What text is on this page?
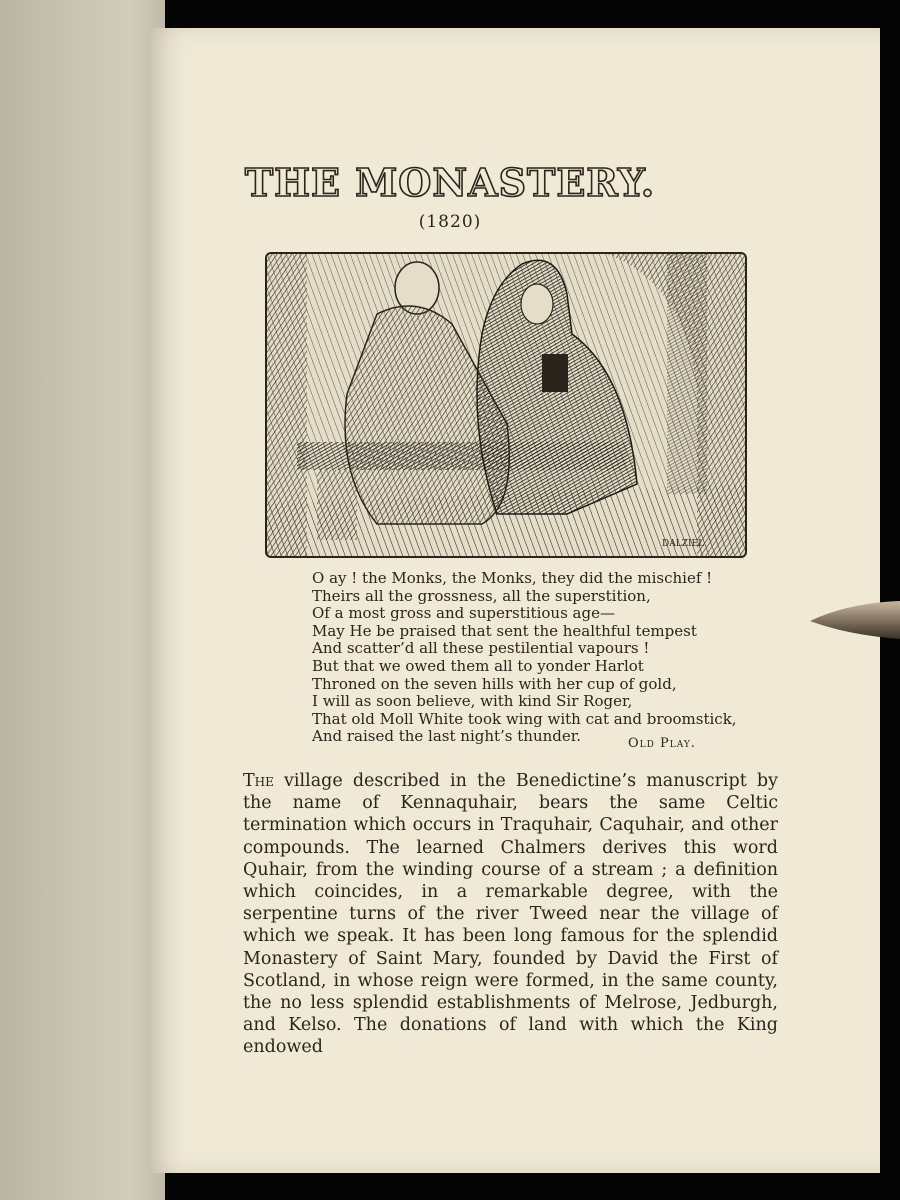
THE MONASTERY.
(1820)
DALZIEL
O ay ! the Monks, the Monks, they did the mischief !
Theirs all the grossness, all the superstition,
Of a most gross and superstitious age—
May He be praised that sent the healthful tempest
And scatter’d all these pestilential vapours !
But that we owed them all to yonder Harlot
Throned on the seven hills with her cup of gold,
I will as soon believe, with kind Sir Roger,
That old Moll White took wing with cat and broomstick,
And raised the last night’s thunder.	Old Play.
The village described in the Benedictine’s manuscript by the name of Kennaquhair, bears the same Celtic termination which occurs in Traquhair, Caquhair, and other compounds. The learned Chalmers derives this word Quhair, from the winding course of a stream ; a definition which coincides, in a remarkable degree, with the serpentine turns of the river Tweed near the village of which we speak. It has been long famous for the splendid Monastery of Saint Mary, founded by David the First of Scotland, in whose reign were formed, in the same county, the no less splendid establishments of Melrose, Jedburgh, and Kelso. The donations of land with which the King endowed
